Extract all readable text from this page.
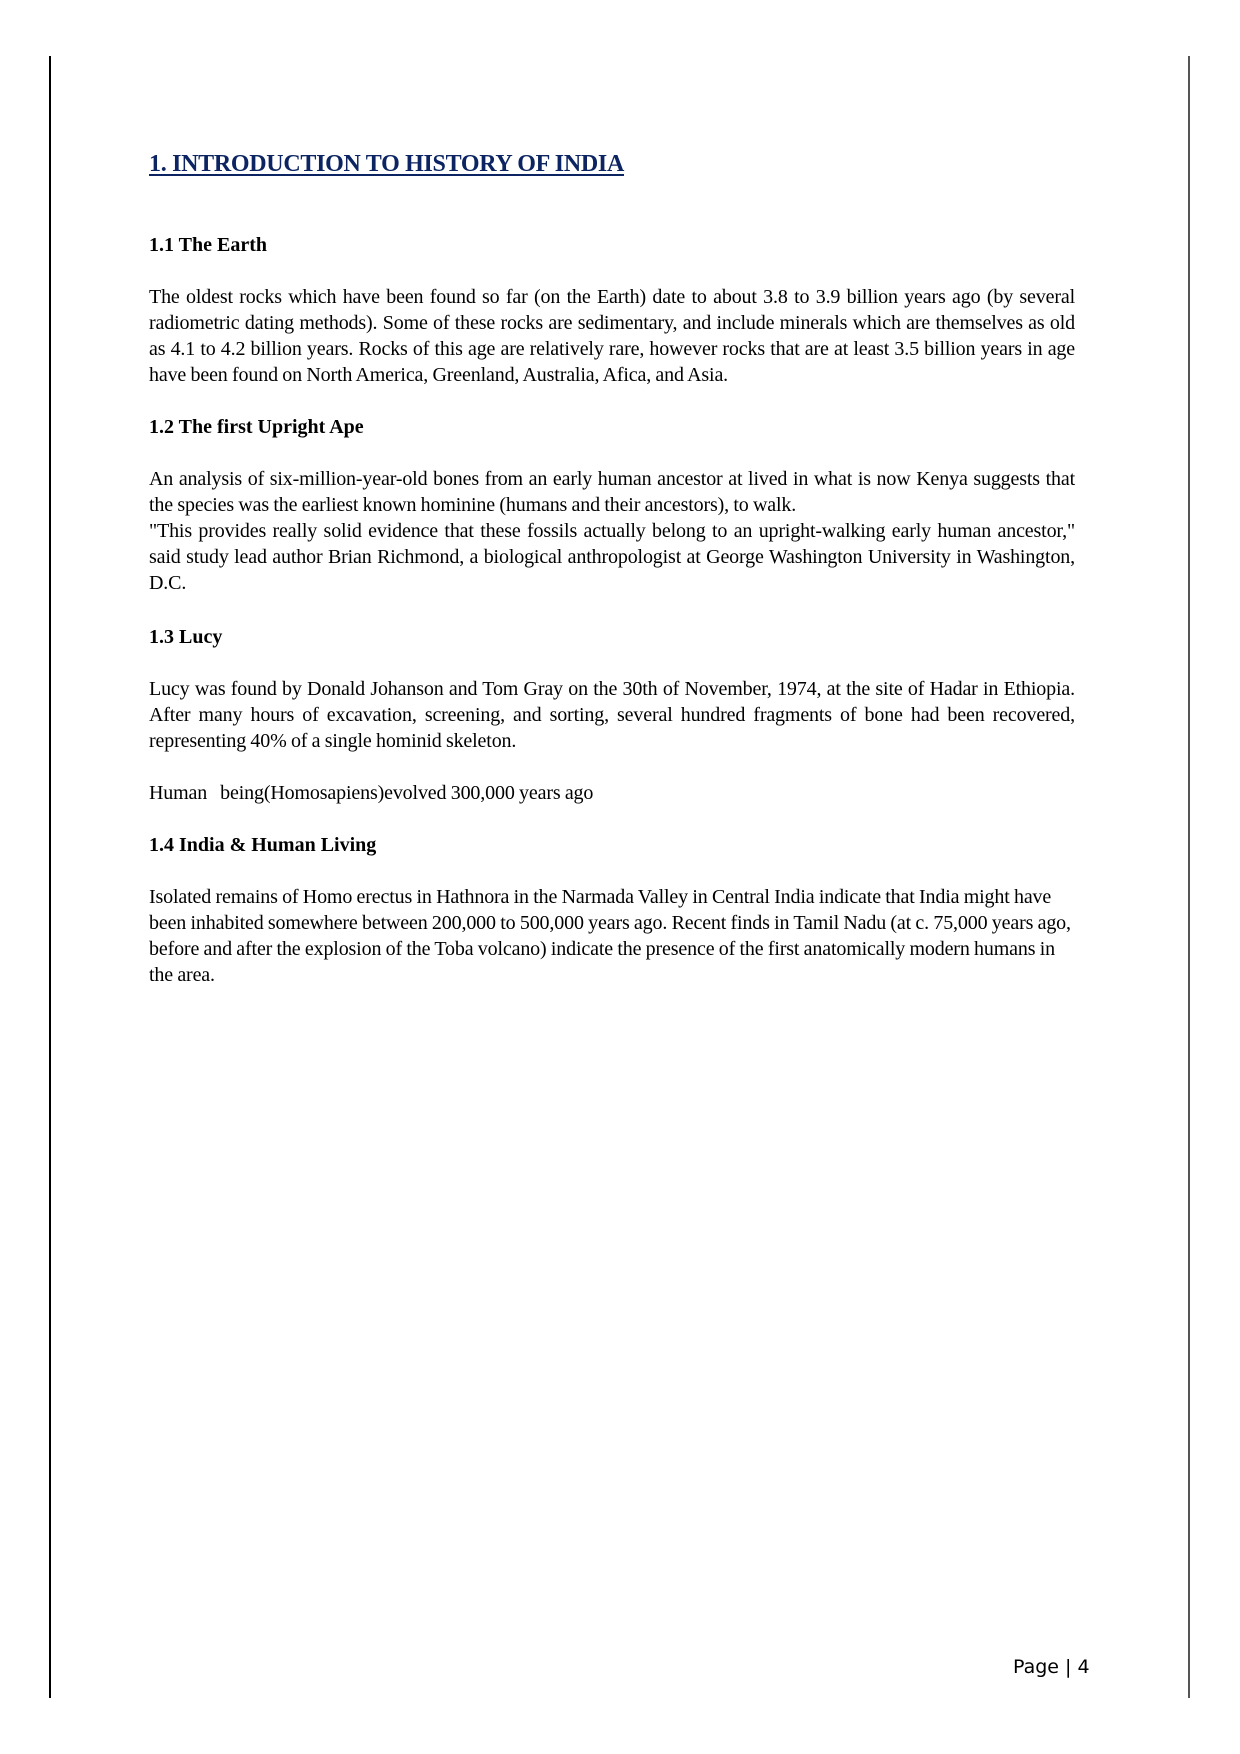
1. INTRODUCTION TO HISTORY OF INDIA
1.1 The Earth

The oldest rocks which have been found so far (on the Earth) date to about 3.8 to 3.9 billion years ago (by several radiometric dating methods). Some of these rocks are sedimentary, and include minerals which are themselves as old as 4.1 to 4.2 billion years. Rocks of this age are relatively rare, however rocks that are at least 3.5 billion years in age have been found on North America, Greenland, Australia, Afica, and Asia.

1.2 The first Upright Ape

An analysis of six-million-year-old bones from an early human ancestor at lived in what is now Kenya suggests that the species was the earliest known hominine (humans and their ancestors), to walk.

"This provides really solid evidence that these fossils actually belong to an upright-walking early human ancestor," said study lead author Brian Richmond, a biological anthropologist at George Washington University in Washington, D.C.

1.3 Lucy

Lucy was found by Donald Johanson and Tom Gray on the 30th of November, 1974, at the site of Hadar in Ethiopia. After many hours of excavation, screening, and sorting, several hundred fragments of bone had been recovered, representing 40% of a single hominid skeleton.

Human   being(Homosapiens)evolved 300,000 years ago

1.4 India & Human Living

Isolated remains of Homo erectus in Hathnora in the Narmada Valley in Central India indicate that India might have been inhabited somewhere between 200,000 to 500,000 years ago. Recent finds in Tamil Nadu (at c. 75,000 years ago, before and after the explosion of the Toba volcano) indicate the presence of the first anatomically modern humans in the area.

Page | 4
